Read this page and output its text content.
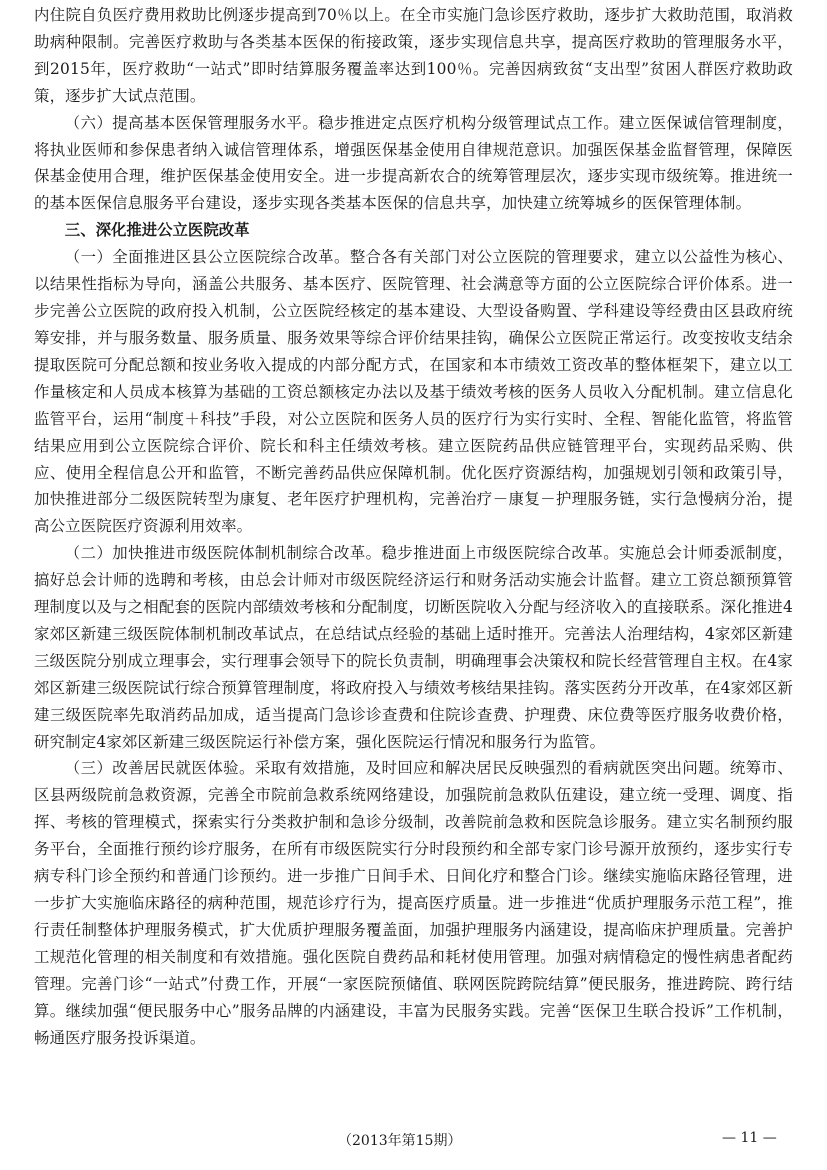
内住院自负医疗费用救助比例逐步提高到70％以上。在全市实施门急诊医疗救助，逐步扩大救助范围，取消救助病种限制。完善医疗救助与各类基本医保的衔接政策，逐步实现信息共享，提高医疗救助的管理服务水平，到2015年，医疗救助“一站式”即时结算服务覆盖率达到100％。完善因病致贫“支出型”贫困人群医疗救助政策，逐步扩大试点范围。

（六）提高基本医保管理服务水平。稳步推进定点医疗机构分级管理试点工作。建立医保诚信管理制度，将执业医师和参保患者纳入诚信管理体系，增强医保基金使用自律规范意识。加强医保基金监督管理，保障医保基金使用合理，维护医保基金使用安全。进一步提高新农合的统筹管理层次，逐步实现市级统筹。推进统一的基本医保信息服务平台建设，逐步实现各类基本医保的信息共享，加快建立统筹城乡的医保管理体制。

三、深化推进公立医院改革

（一）全面推进区县公立医院综合改革。整合各有关部门对公立医院的管理要求，建立以公益性为核心、以结果性指标为导向，涵盖公共服务、基本医疗、医院管理、社会满意等方面的公立医院综合评价体系。进一步完善公立医院的政府投入机制，公立医院经核定的基本建设、大型设备购置、学科建设等经费由区县政府统筹安排，并与服务数量、服务质量、服务效果等综合评价结果挂钩，确保公立医院正常运行。改变按收支结余提取医院可分配总额和按业务收入提成的内部分配方式，在国家和本市绩效工资改革的整体框架下，建立以工作量核定和人员成本核算为基础的工资总额核定办法以及基于绩效考核的医务人员收入分配机制。建立信息化监管平台，运用“制度＋科技”手段，对公立医院和医务人员的医疗行为实行实时、全程、智能化监管，将监管结果应用到公立医院综合评价、院长和科主任绩效考核。建立医院药品供应链管理平台，实现药品采购、供应、使用全程信息公开和监管，不断完善药品供应保障机制。优化医疗资源结构，加强规划引领和政策引导，加快推进部分二级医院转型为康复、老年医疗护理机构，完善治疗－康复－护理服务链，实行急慢病分治，提高公立医院医疗资源利用效率。

（二）加快推进市级医院体制机制综合改革。稳步推进面上市级医院综合改革。实施总会计师委派制度，搞好总会计师的选聘和考核，由总会计师对市级医院经济运行和财务活动实施会计监督。建立工资总额预算管理制度以及与之相配套的医院内部绩效考核和分配制度，切断医院收入分配与经济收入的直接联系。深化推进4家郊区新建三级医院体制机制改革试点，在总结试点经验的基础上适时推开。完善法人治理结构，4家郊区新建三级医院分别成立理事会，实行理事会领导下的院长负责制，明确理事会决策权和院长经营管理自主权。在4家郊区新建三级医院试行综合预算管理制度，将政府投入与绩效考核结果挂钩。落实医药分开改革，在4家郊区新建三级医院率先取消药品加成，适当提高门急诊诊查费和住院诊查费、护理费、床位费等医疗服务收费价格，研究制定4家郊区新建三级医院运行补偿方案，强化医院运行情况和服务行为监管。

（三）改善居民就医体验。采取有效措施，及时回应和解决居民反映强烈的看病就医突出问题。统筹市、区县两级院前急救资源，完善全市院前急救系统网络建设，加强院前急救队伍建设，建立统一受理、调度、指挥、考核的管理模式，探索实行分类救护制和急诊分级制，改善院前急救和医院急诊服务。建立实名制预约服务平台，全面推行预约诊疗服务，在所有市级医院实行分时段预约和全部专家门诊号源开放预约，逐步实行专病专科门诊全预约和普通门诊预约。进一步推广日间手术、日间化疗和整合门诊。继续实施临床路径管理，进一步扩大实施临床路径的病种范围，规范诊疗行为，提高医疗质量。进一步推进“优质护理服务示范工程”，推行责任制整体护理服务模式，扩大优质护理服务覆盖面，加强护理服务内涵建设，提高临床护理质量。完善护工规范化管理的相关制度和有效措施。强化医院自费药品和耗材使用管理。加强对病情稳定的慢性病患者配药管理。完善门诊“一站式”付费工作，开展“一家医院预储值、联网医院跨院结算”便民服务，推进跨院、跨行结算。继续加强“便民服务中心”服务品牌的内涵建设，丰富为民服务实践。完善“医保卫生联合投诉”工作机制，畅通医疗服务投诉渠道。

（2013年第15期）	— 11 —
